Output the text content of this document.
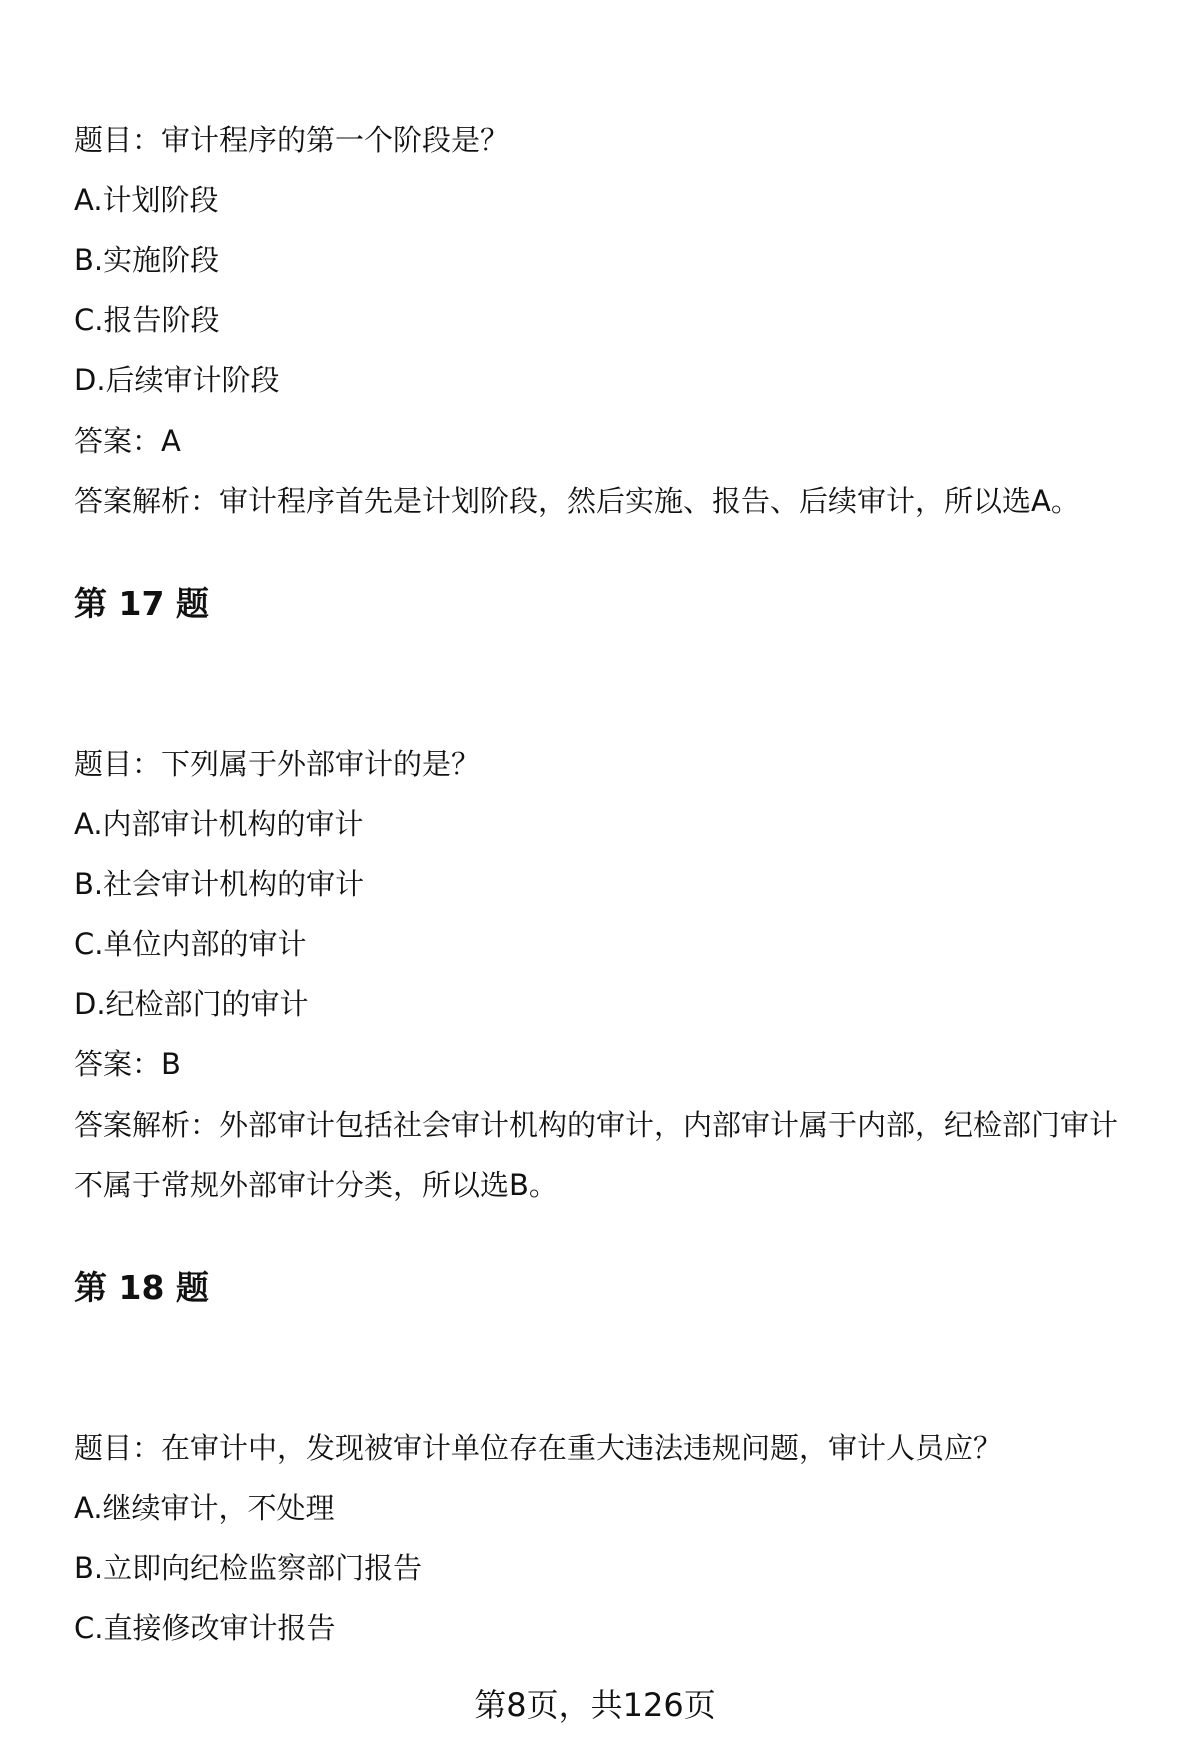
题目：审计程序的第一个阶段是？
A.计划阶段
B.实施阶段
C.报告阶段
D.后续审计阶段
答案：A
答案解析：审计程序首先是计划阶段，然后实施、报告、后续审计，所以选A。
第 17 题
题目：下列属于外部审计的是？
A.内部审计机构的审计
B.社会审计机构的审计
C.单位内部的审计
D.纪检部门的审计
答案：B
答案解析：外部审计包括社会审计机构的审计，内部审计属于内部，纪检部门审计
不属于常规外部审计分类，所以选B。
第 18 题
题目：在审计中，发现被审计单位存在重大违法违规问题，审计人员应？
A.继续审计，不处理
B.立即向纪检监察部门报告
C.直接修改审计报告
第8页，共126页
